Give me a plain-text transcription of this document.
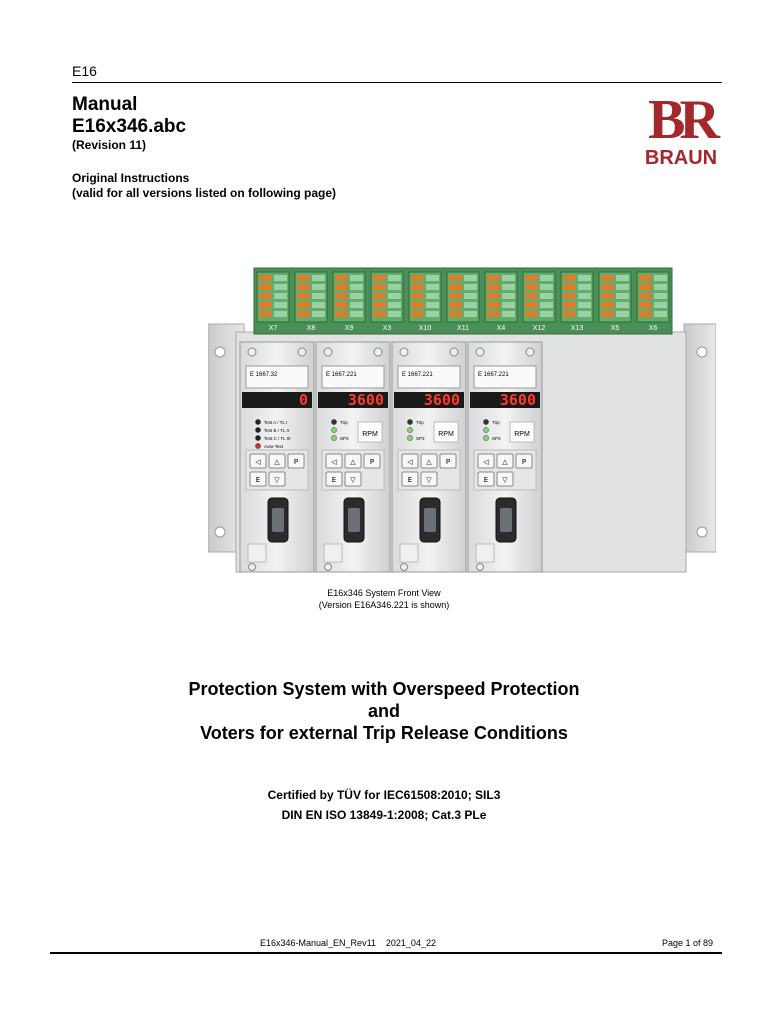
E16
Manual
E16x346.abc
(Revision 11)
Original Instructions
(valid for all versions listed on following page)
BR
BRAUN
X7	X8	X9	X3	X10	X11	X4	X12	X13	X5	X6
E 1667.32
0
Test A / TL I
Test B / TL II
Test C / TL III
Auto-Test
◁ △ P
E ▽
E 1667.221
3600
Trip
SP3
RPM
◁ △ P
E ▽
E 1667.221
3600
Trip
SP3
RPM
◁ △ P
E ▽
E 1667.221
3600
Trip
SP3
RPM
◁ △ P
E ▽
E16x346 System Front View
(Version E16A346.221 is shown)
Protection System with Overspeed Protection
and
Voters for external Trip Release Conditions
Certified by TÜV for IEC61508:2010; SIL3
DIN EN ISO 13849-1:2008; Cat.3 PLe
E16x346-Manual_EN_Rev11    2021_04_22	Page 1 of 89
